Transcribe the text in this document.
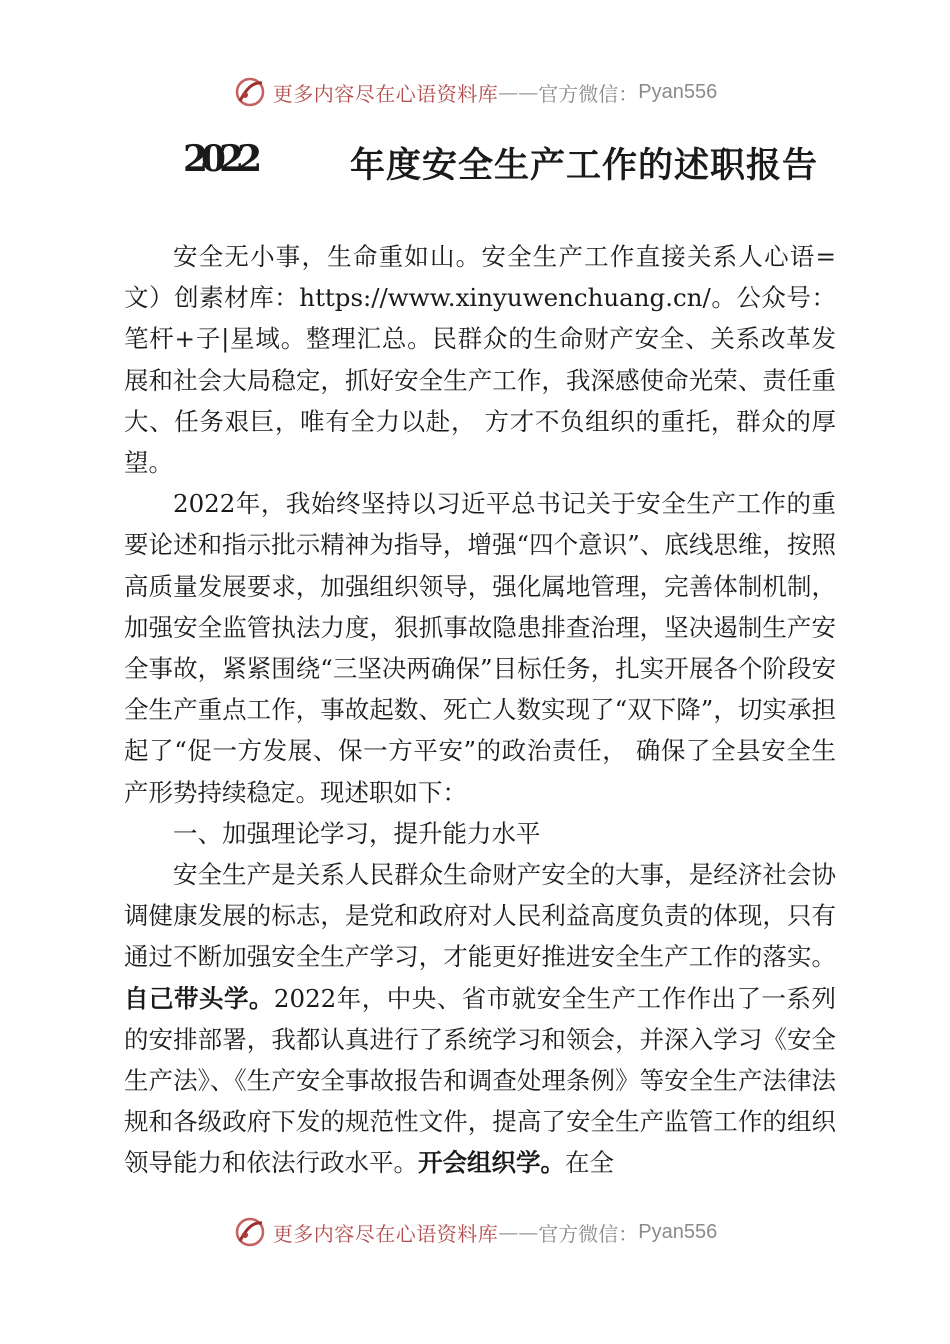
更多内容尽在心语资料库 —— 官方微信： Pyan556
2022	年度安全生产工作的述职报告

安全无小事，生命重如山。安全生产工作直接关系人心语=文）创素材库：https://www.xinyuwenchuang.cn/。公众号：笔杆+子|星域。整理汇总。民群众的生命财产安全、关系改革发展和社会大局稳定，抓好安全生产工作，我深感使命光荣、责任重大、任务艰巨，唯有全力以赴， 方才不负组织的重托，群众的厚望。

2022年，我始终坚持以习近平总书记关于安全生产工作的重要论述和指示批示精神为指导，增强“四个意识”、底线思维，按照高质量发展要求，加强组织领导，强化属地管理，完善体制机制，加强安全监管执法力度，狠抓事故隐患排查治理，坚决遏制生产安全事故，紧紧围绕“三坚决两确保”目标任务，扎实开展各个阶段安全生产重点工作，事故起数、死亡人数实现了“双下降”，切实承担起了“促一方发展、保一方平安”的政治责任， 确保了全县安全生产形势持续稳定。现述职如下：

一、加强理论学习，提升能力水平

安全生产是关系人民群众生命财产安全的大事，是经济社会协调健康发展的标志，是党和政府对人民利益高度负责的体现，只有通过不断加强安全生产学习，才能更好推进安全生产工作的落实。自己带头学。2022年，中央、省市就安全生产工作作出了一系列的安排部署，我都认真进行了系统学习和领会，并深入学习《安全生产法》、《生产安全事故报告和调查处理条例》等安全生产法律法规和各级政府下发的规范性文件，提高了安全生产监管工作的组织领导能力和依法行政水平。开会组织学。在全

更多内容尽在心语资料库 —— 官方微信： Pyan556
